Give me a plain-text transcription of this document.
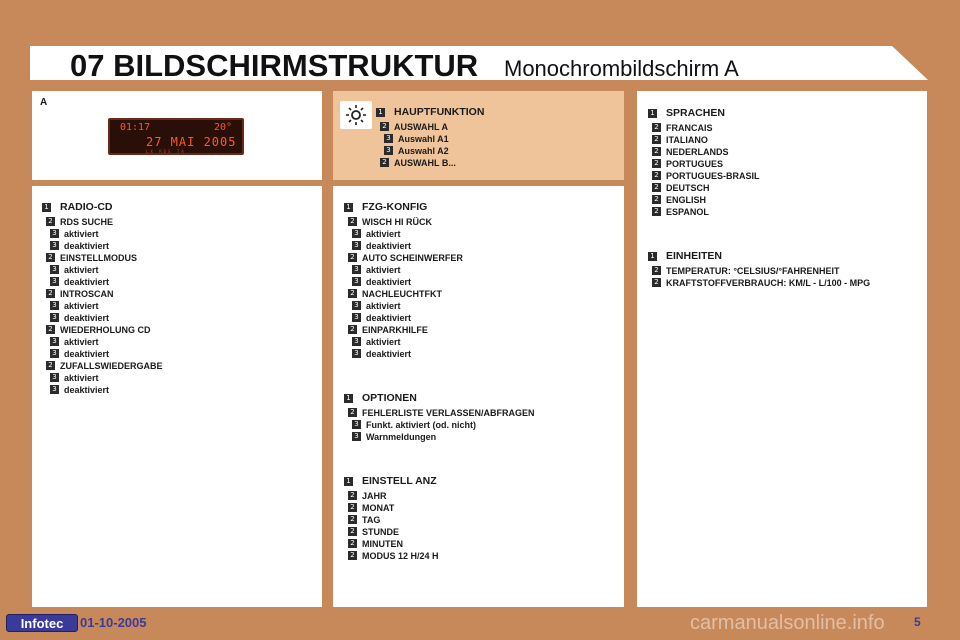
07 BILDSCHIRMSTRUKTUR Monochrombildschirm A
A
01:17	20°
27 MAI 2005
LX RDS TA
1 HAUPTFUNKTION
2 AUSWAHL A
3 Auswahl A1
3 Auswahl A2
2 AUSWAHL B...
1 RADIO-CD
2 RDS SUCHE
3 aktiviert
3 deaktiviert
2 EINSTELLMODUS
3 aktiviert
3 deaktiviert
2 INTROSCAN
3 aktiviert
3 deaktiviert
2 WIEDERHOLUNG CD
3 aktiviert
3 deaktiviert
2 ZUFALLSWIEDERGABE
3 aktiviert
3 deaktiviert
1 FZG-KONFIG
2 WISCH HI RÜCK
3 aktiviert
3 deaktiviert
2 AUTO SCHEINWERFER
3 aktiviert
3 deaktiviert
2 NACHLEUCHTFKT
3 aktiviert
3 deaktiviert
2 EINPARKHILFE
3 aktiviert
3 deaktiviert
1 OPTIONEN
2 FEHLERLISTE VERLASSEN/ABFRAGEN
3 Funkt. aktiviert (od. nicht)
3 Warnmeldungen
1 EINSTELL ANZ
2 JAHR
2 MONAT
2 TAG
2 STUNDE
2 MINUTEN
2 MODUS 12 H/24 H
1 SPRACHEN
2 FRANCAIS
2 ITALIANO
2 NEDERLANDS
2 PORTUGUES
2 PORTUGUES-BRASIL
2 DEUTSCH
2 ENGLISH
2 ESPANOL
1 EINHEITEN
2 TEMPERATUR: °CELSIUS/°FAHRENHEIT
2 KRAFTSTOFFVERBRAUCH: KM/L - L/100 - MPG
Infotec	01-10-2005	carmanualsonline.info 5
